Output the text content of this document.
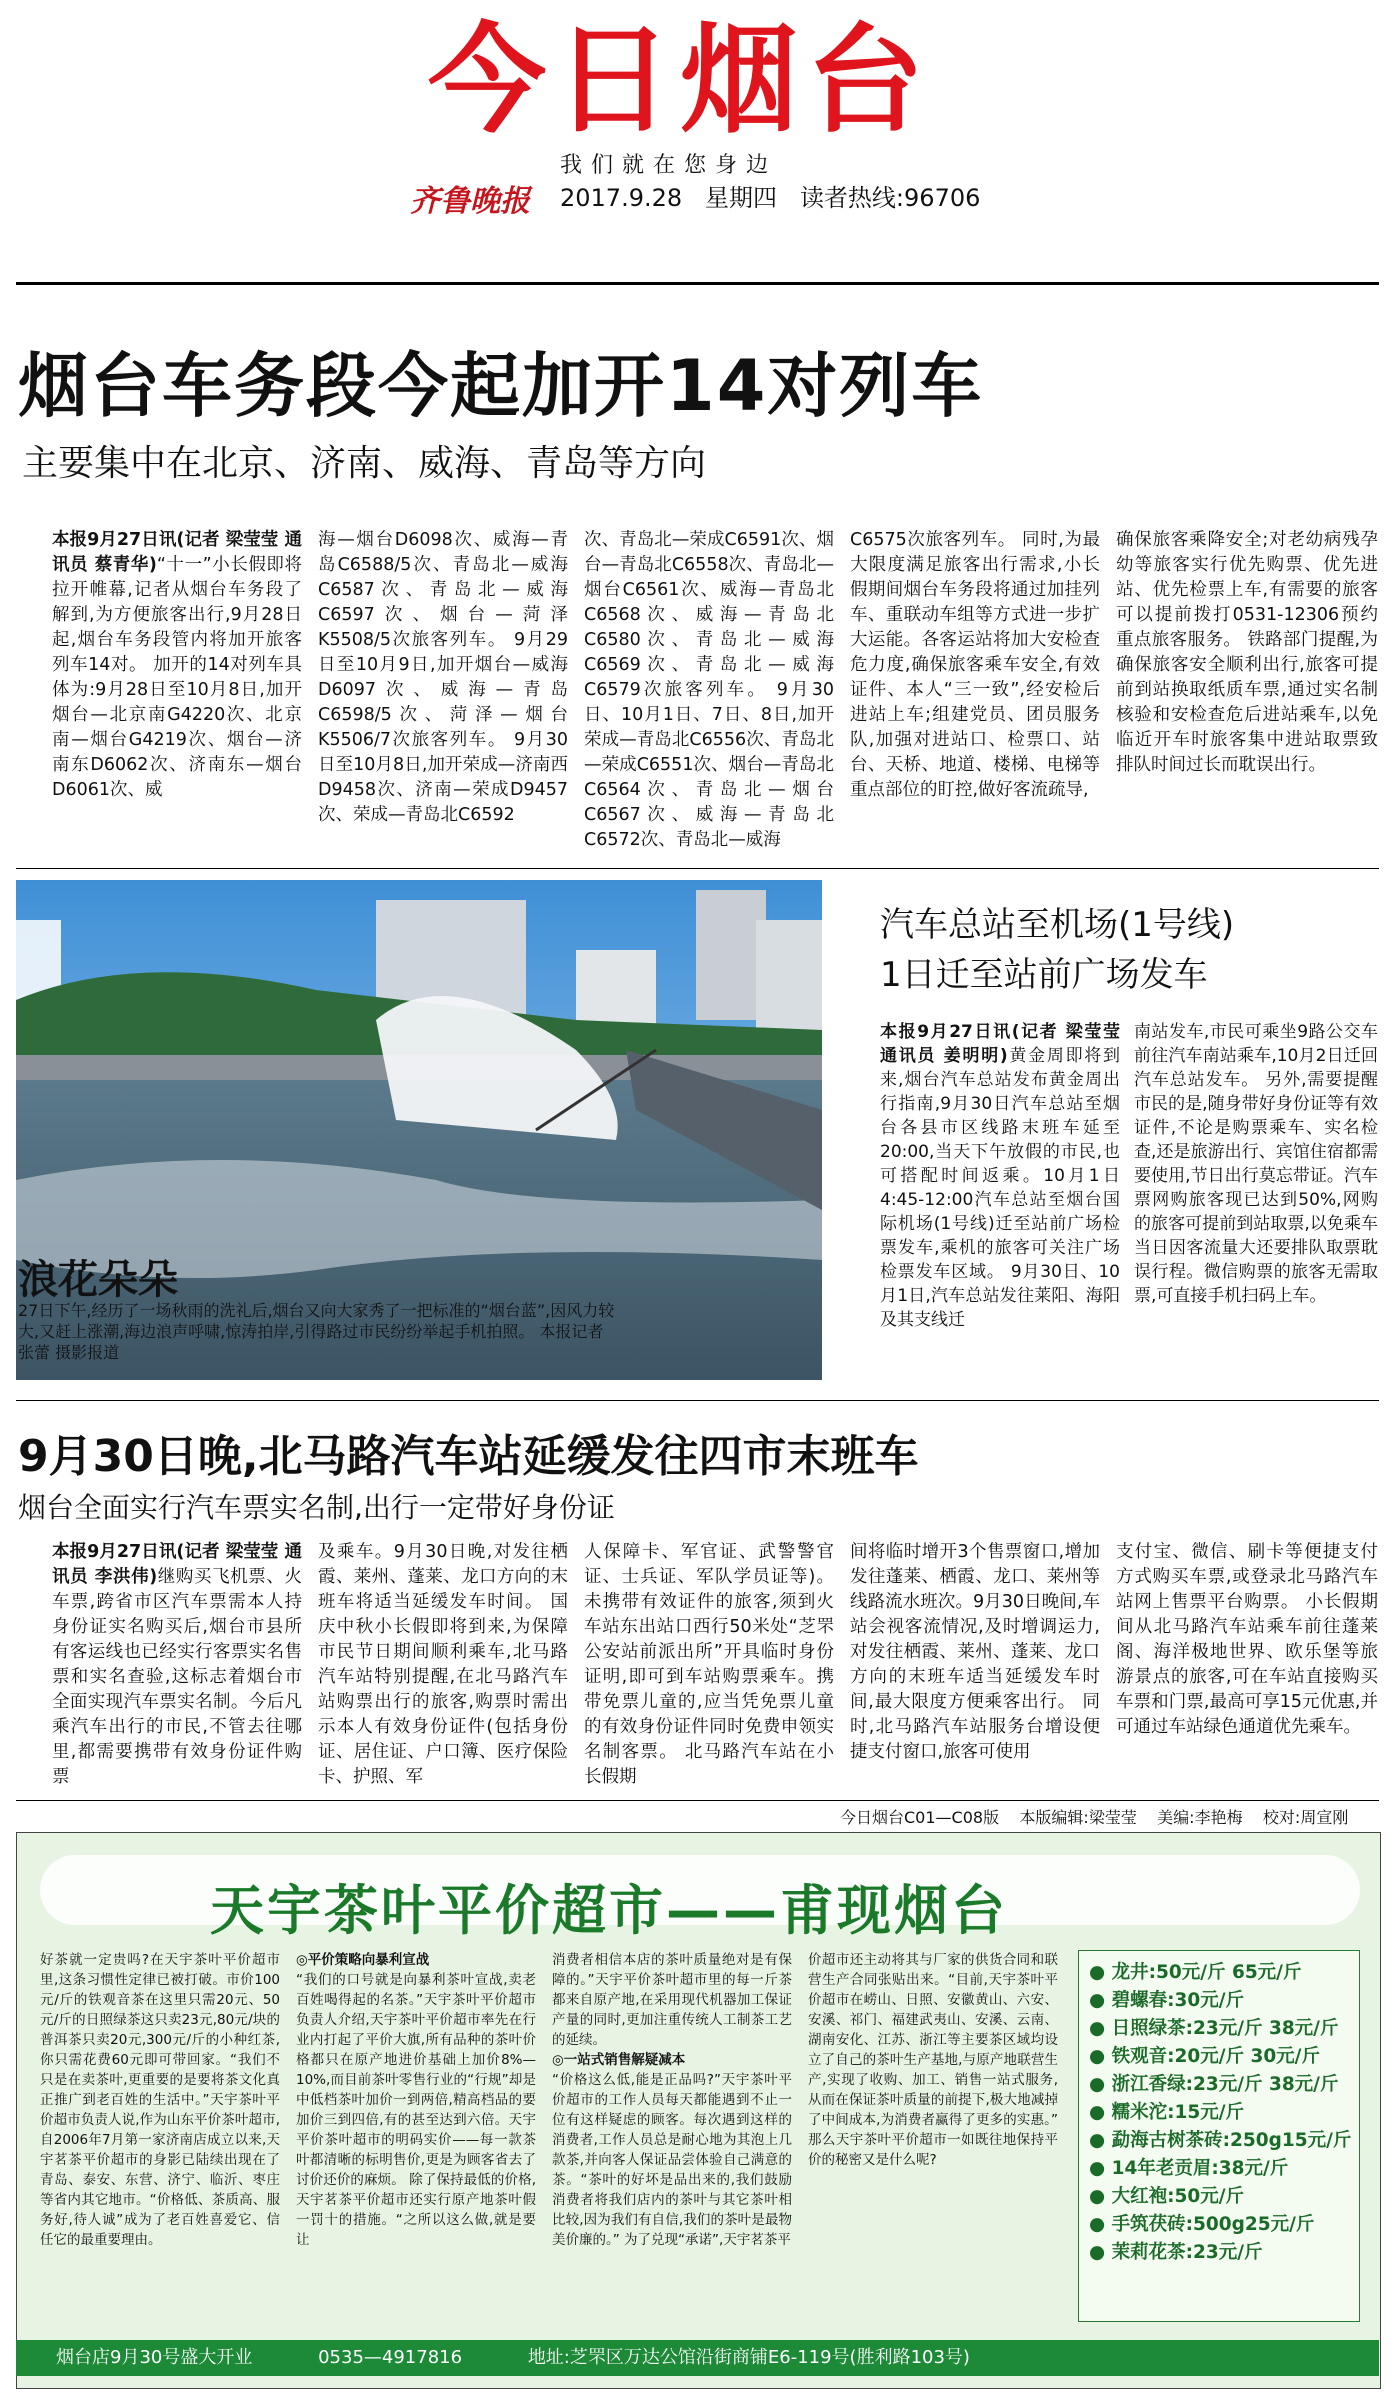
今日烟台
我们就在您身边
齐鲁晚报 2017.9.28 星期四 读者热线:96706
烟台车务段今起加开14对列车
主要集中在北京、济南、威海、青岛等方向
本报9月27日讯(记者 梁莹莹 通讯员 蔡青华)“十一”小长假即将拉开帷幕,记者从烟台车务段了解到,为方便旅客出行,9月28日起,烟台车务段管内将加开旅客列车14对。 加开的14对列车具体为:9月28日至10月8日,加开烟台—北京南G4220次、北京南—烟台G4219次、烟台—济南东D6062次、济南东—烟台D6061次、威
海—烟台D6098次、威海—青岛C6588/5次、青岛北—威海C6587次、青岛北—威海C6597次、烟台—菏泽K5508/5次旅客列车。 9月29日至10月9日,加开烟台—威海D6097次、威海—青岛C6598/5次、菏泽—烟台K5506/7次旅客列车。 9月30日至10月8日,加开荣成—济南西D9458次、济南—荣成D9457次、荣成—青岛北C6592
次、青岛北—荣成C6591次、烟台—青岛北C6558次、青岛北—烟台C6561次、威海—青岛北C6568次、威海—青岛北C6580次、青岛北—威海C6569次、青岛北—威海C6579次旅客列车。 9月30日、10月1日、7日、8日,加开荣成—青岛北C6556次、青岛北—荣成C6551次、烟台—青岛北C6564次、青岛北—烟台C6567次、威海—青岛北C6572次、青岛北—威海
C6575次旅客列车。 同时,为最大限度满足旅客出行需求,小长假期间烟台车务段将通过加挂列车、重联动车组等方式进一步扩大运能。各客运站将加大安检查危力度,确保旅客乘车安全,有效证件、本人“三一致”,经安检后进站上车;组建党员、团员服务队,加强对进站口、检票口、站台、天桥、地道、楼梯、电梯等重点部位的盯控,做好客流疏导,
确保旅客乘降安全;对老幼病残孕幼等旅客实行优先购票、优先进站、优先检票上车,有需要的旅客可以提前拨打0531-12306预约重点旅客服务。 铁路部门提醒,为确保旅客安全顺利出行,旅客可提前到站换取纸质车票,通过实名制核验和安检查危后进站乘车,以免临近开车时旅客集中进站取票致排队时间过长而耽误出行。
浪花朵朵
27日下午,经历了一场秋雨的洗礼后,烟台又向大家秀了一把标准的“烟台蓝”,因风力较大,又赶上涨潮,海边浪声呼啸,惊涛拍岸,引得路过市民纷纷举起手机拍照。 本报记者 张蕾 摄影报道
汽车总站至机场(1号线)
1日迁至站前广场发车
本报9月27日讯(记者 梁莹莹 通讯员 姜明明)黄金周即将到来,烟台汽车总站发布黄金周出行指南,9月30日汽车总站至烟台各县市区线路末班车延至20:00,当天下午放假的市民,也可搭配时间返乘。10月1日4:45-12:00汽车总站至烟台国际机场(1号线)迁至站前广场检票发车,乘机的旅客可关注广场检票发车区域。 9月30日、10月1日,汽车总站发往莱阳、海阳及其支线迁
南站发车,市民可乘坐9路公交车前往汽车南站乘车,10月2日迁回汽车总站发车。 另外,需要提醒市民的是,随身带好身份证等有效证件,不论是购票乘车、实名检查,还是旅游出行、宾馆住宿都需要使用,节日出行莫忘带证。汽车票网购旅客现已达到50%,网购的旅客可提前到站取票,以免乘车当日因客流量大还要排队取票耽误行程。微信购票的旅客无需取票,可直接手机扫码上车。
9月30日晚,北马路汽车站延缓发往四市末班车
烟台全面实行汽车票实名制,出行一定带好身份证
本报9月27日讯(记者 梁莹莹 通讯员 李洪伟)继购买飞机票、火车票,跨省市区汽车票需本人持身份证实名购买后,烟台市县所有客运线也已经实行客票实名售票和实名查验,这标志着烟台市全面实现汽车票实名制。今后凡乘汽车出行的市民,不管去往哪里,都需要携带有效身份证件购票
及乘车。9月30日晚,对发往栖霞、莱州、蓬莱、龙口方向的末班车将适当延缓发车时间。 国庆中秋小长假即将到来,为保障市民节日期间顺利乘车,北马路汽车站特别提醒,在北马路汽车站购票出行的旅客,购票时需出示本人有效身份证件(包括身份证、居住证、户口簿、医疗保险卡、护照、军
人保障卡、军官证、武警警官证、士兵证、军队学员证等)。未携带有效证件的旅客,须到火车站东出站口西行50米处“芝罘公安站前派出所”开具临时身份证明,即可到车站购票乘车。携带免票儿童的,应当凭免票儿童的有效身份证件同时免费申领实名制客票。 北马路汽车站在小长假期
间将临时增开3个售票窗口,增加发往蓬莱、栖霞、龙口、莱州等线路流水班次。9月30日晚间,车站会视客流情况,及时增调运力,对发往栖霞、莱州、蓬莱、龙口方向的末班车适当延缓发车时间,最大限度方便乘客出行。 同时,北马路汽车站服务台增设便捷支付窗口,旅客可使用
支付宝、微信、刷卡等便捷支付方式购买车票,或登录北马路汽车站网上售票平台购票。 小长假期间从北马路汽车站乘车前往蓬莱阁、海洋极地世界、欧乐堡等旅游景点的旅客,可在车站直接购买车票和门票,最高可享15元优惠,并可通过车站绿色通道优先乘车。
今日烟台C01—C08版 本版编辑:梁莹莹 美编:李艳梅 校对:周宣刚
天宇茶叶平价超市——甫现烟台
好茶就一定贵吗?在天宇茶叶平价超市里,这条习惯性定律已被打破。市价100元/斤的铁观音茶在这里只需20元、50元/斤的日照绿茶这只卖23元,80元/块的普洱茶只卖20元,300元/斤的小种红茶,你只需花费60元即可带回家。“我们不只是在卖茶叶,更重要的是要将茶文化真正推广到老百姓的生活中。”天宇茶叶平价超市负责人说,作为山东平价茶叶超市,自2006年7月第一家济南店成立以来,天宇茗茶平价超市的身影已陆续出现在了青岛、泰安、东营、济宁、临沂、枣庄等省内其它地市。“价格低、茶质高、服务好,待人诚”成为了老百姓喜爱它、信任它的最重要理由。
◎平价策略向暴利宣战
“我们的口号就是向暴利茶叶宣战,卖老百姓喝得起的名茶。”天宇茶叶平价超市负责人介绍,天宇茶叶平价超市率先在行业内打起了平价大旗,所有品种的茶叶价格都只在原产地进价基础上加价8%—10%,而目前茶叶零售行业的“行规”却是中低档茶叶加价一到两倍,精高档品的要加价三到四倍,有的甚至达到六倍。天宇平价茶叶超市的明码实价——每一款茶叶都清晰的标明售价,更是为顾客省去了讨价还价的麻烦。 除了保持最低的价格,天宇茗茶平价超市还实行原产地茶叶假一罚十的措施。“之所以这么做,就是要让
消费者相信本店的茶叶质量绝对是有保障的。”天宇平价茶叶超市里的每一斤茶都来自原产地,在采用现代机器加工保证产量的同时,更加注重传统人工制茶工艺的延续。
◎一站式销售解疑减本
“价格这么低,能是正品吗?”天宇茶叶平价超市的工作人员每天都能遇到不止一位有这样疑虑的顾客。每次遇到这样的消费者,工作人员总是耐心地为其泡上几款茶,并向客人保证品尝体验自己满意的茶。“茶叶的好坏是品出来的,我们鼓励消费者将我们店内的茶叶与其它茶叶相比较,因为我们有自信,我们的茶叶是最物美价廉的。” 为了兑现“承诺”,天宇茗茶平
价超市还主动将其与厂家的供货合同和联营生产合同张贴出来。“目前,天宇茶叶平价超市在崂山、日照、安徽黄山、六安、安溪、祁门、福建武夷山、安溪、云南、湖南安化、江苏、浙江等主要茶区域均设立了自己的茶叶生产基地,与原产地联营生产,实现了收购、加工、销售一站式服务,从而在保证茶叶质量的前提下,极大地减掉了中间成本,为消费者赢得了更多的实惠。” 那么天宇茶叶平价超市一如既往地保持平价的秘密又是什么呢?
● 龙井:50元/斤 65元/斤
● 碧螺春:30元/斤
● 日照绿茶:23元/斤 38元/斤
● 铁观音:20元/斤 30元/斤
● 浙江香绿:23元/斤 38元/斤
● 糯米沱:15元/斤
● 勐海古树茶砖:250g15元/斤
● 14年老贡眉:38元/斤
● 大红袍:50元/斤
● 手筑茯砖:500g25元/斤
● 茉莉花茶:23元/斤
烟台店9月30号盛大开业	0535—4917816	地址:芝罘区万达公馆沿街商铺E6-119号(胜利路103号)
